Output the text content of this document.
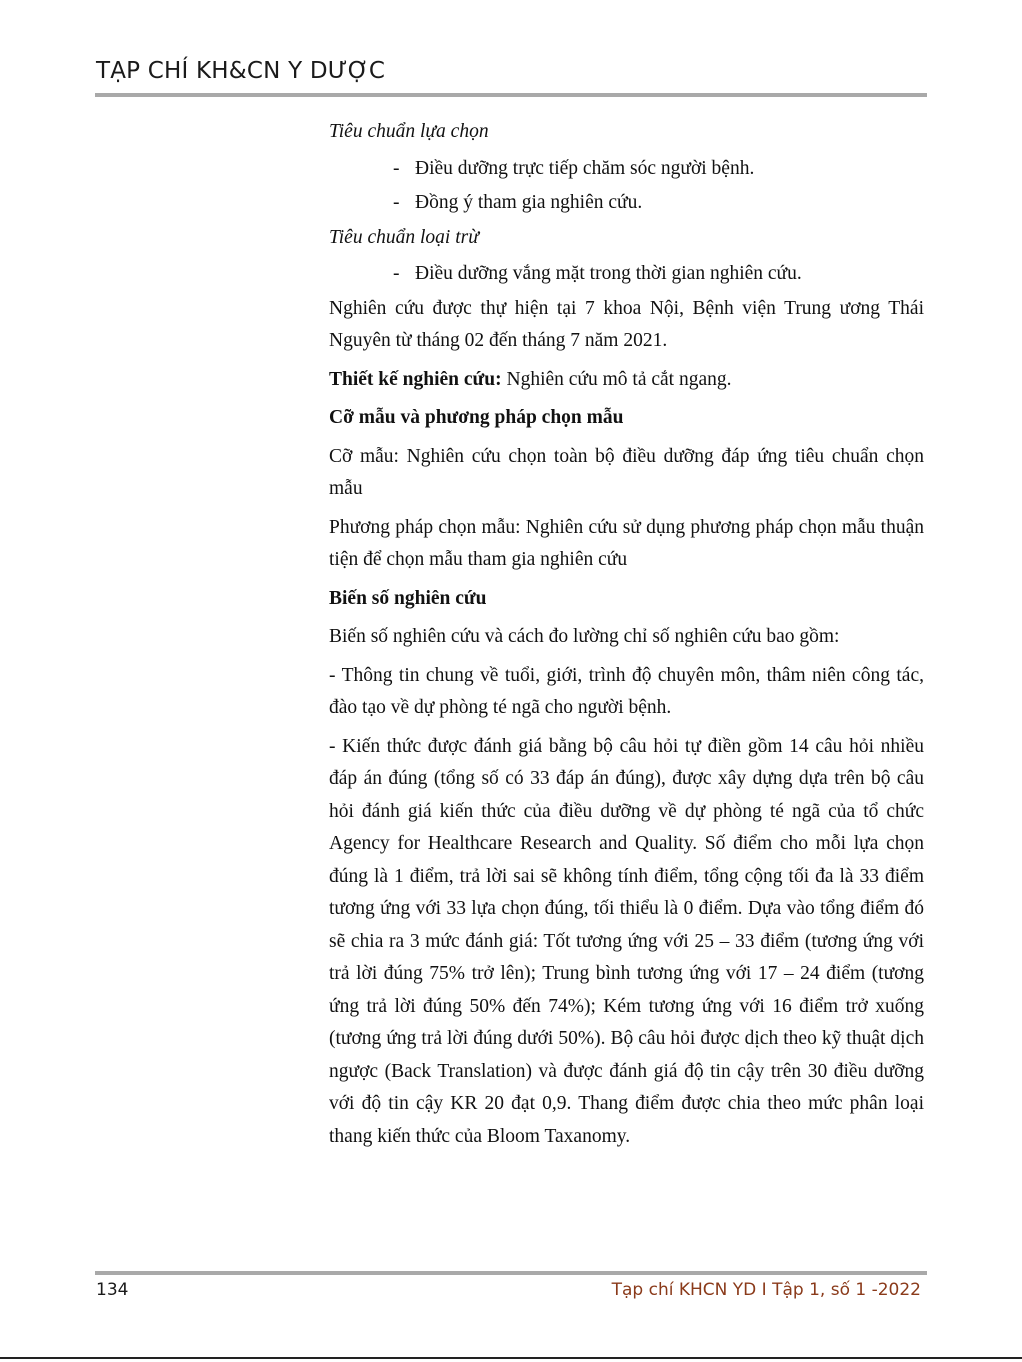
TẠP CHÍ KH&CN Y DƯỢC

Tiêu chuẩn lựa chọn

- Điều dưỡng trực tiếp chăm sóc người bệnh.

- Đồng ý tham gia nghiên cứu.

Tiêu chuẩn loại trừ

- Điều dưỡng vắng mặt trong thời gian nghiên cứu.

Nghiên cứu được thự hiện tại 7 khoa Nội, Bệnh viện Trung ương Thái Nguyên từ tháng 02 đến tháng 7 năm 2021.

Thiết kế nghiên cứu: Nghiên cứu mô tả cắt ngang.

Cỡ mẫu và phương pháp chọn mẫu

Cỡ mẫu: Nghiên cứu chọn toàn bộ điều dưỡng đáp ứng tiêu chuẩn chọn mẫu

Phương pháp chọn mẫu: Nghiên cứu sử dụng phương pháp chọn mẫu thuận tiện để chọn mẫu tham gia nghiên cứu

Biến số nghiên cứu

Biến số nghiên cứu và cách đo lường chỉ số nghiên cứu bao gồm:

- Thông tin chung về tuổi, giới, trình độ chuyên môn, thâm niên công tác, đào tạo về dự phòng té ngã cho người bệnh.

- Kiến thức được đánh giá bằng bộ câu hỏi tự điền gồm 14 câu hỏi nhiều đáp án đúng (tổng số có 33 đáp án đúng), được xây dựng dựa trên bộ câu hỏi đánh giá kiến thức của điều dưỡng về dự phòng té ngã của tổ chức Agency for Healthcare Research and Quality. Số điểm cho mỗi lựa chọn đúng là 1 điểm, trả lời sai sẽ không tính điểm, tổng cộng tối đa là 33 điểm tương ứng với 33 lựa chọn đúng, tối thiểu là 0 điểm. Dựa vào tổng điểm đó sẽ chia ra 3 mức đánh giá: Tốt tương ứng với 25 – 33 điểm (tương ứng với trả lời đúng 75% trở lên); Trung bình tương ứng với 17 – 24 điểm (tương ứng trả lời đúng 50% đến 74%); Kém tương ứng với 16 điểm trở xuống (tương ứng trả lời đúng dưới 50%). Bộ câu hỏi được dịch theo kỹ thuật dịch ngược (Back Translation) và được đánh giá độ tin cậy trên 30 điều dưỡng với độ tin cậy KR 20 đạt 0,9. Thang điểm được chia theo mức phân loại thang kiến thức của Bloom Taxanomy.

134	Tạp chí KHCN YD I Tập 1, số 1 -2022
